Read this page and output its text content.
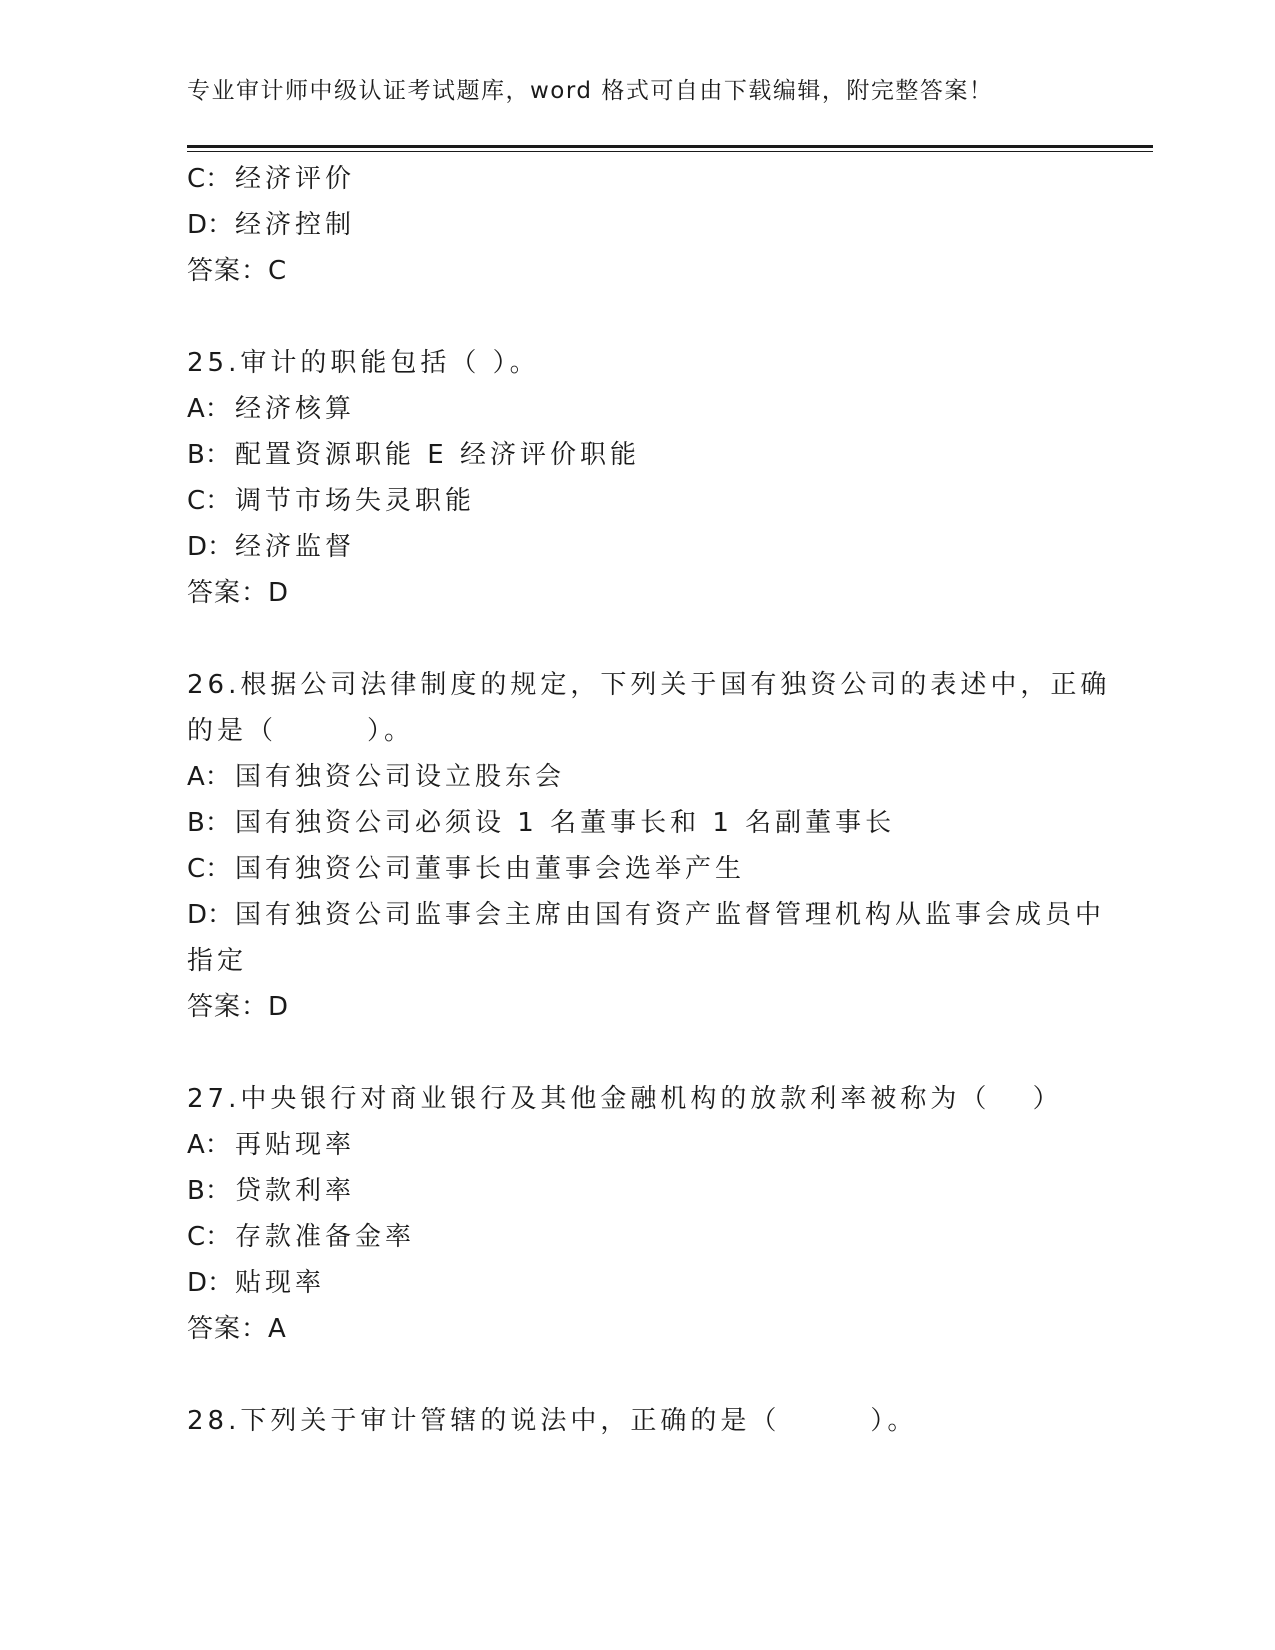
专业审计师中级认证考试题库，word 格式可自由下载编辑，附完整答案！
C： 经济评价
D：经济控制
答案：C
25.审计的职能包括（ ）。
A： 经济核算
B： 配置资源职能 E 经济评价职能
C： 调节市场失灵职能
D：经济监督
答案：D
26.根据公司法律制度的规定，下列关于国有独资公司的表述中，正确
的是（　　　）。
A： 国有独资公司设立股东会
B： 国有独资公司必须设 1 名董事长和 1 名副董事长
C： 国有独资公司董事长由董事会选举产生
D：国有独资公司监事会主席由国有资产监督管理机构从监事会成员中
指定
答案：D
27.中央银行对商业银行及其他金融机构的放款利率被称为（　 ）
A： 再贴现率
B： 贷款利率
C： 存款准备金率
D：贴现率
答案：A
28.下列关于审计管辖的说法中，正确的是（　　　）。
